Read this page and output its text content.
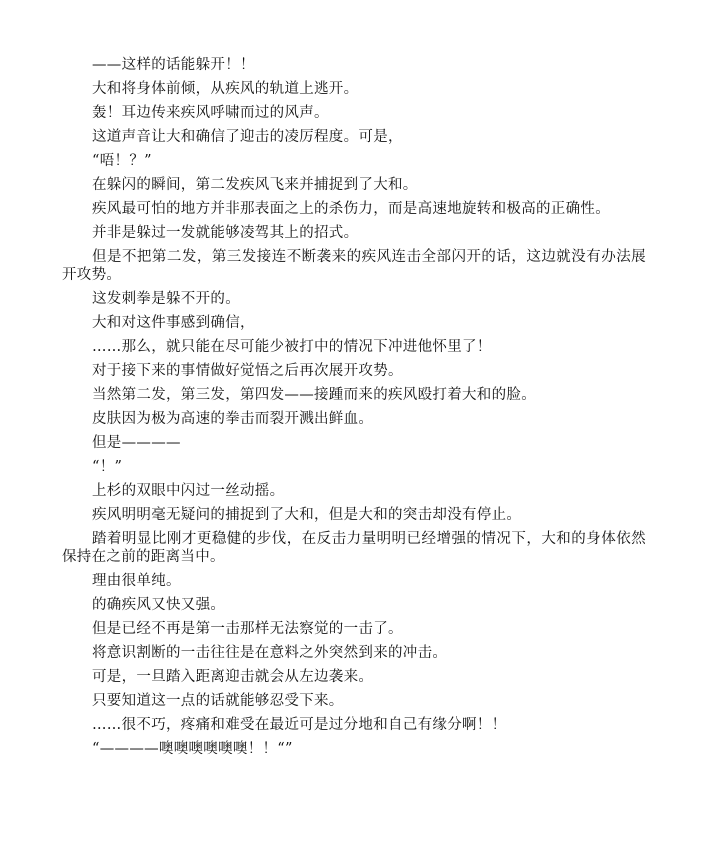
——这样的话能躲开！！

大和将身体前倾，从疾风的轨道上逃开。

轰！耳边传来疾风呼啸而过的风声。

这道声音让大和确信了迎击的凌厉程度。可是，

“唔！？”

在躲闪的瞬间，第二发疾风飞来并捕捉到了大和。

疾风最可怕的地方并非那表面之上的杀伤力，而是高速地旋转和极高的正确性。

并非是躲过一发就能够凌驾其上的招式。

但是不把第二发，第三发接连不断袭来的疾风连击全部闪开的话，这边就没有办法展开攻势。

这发刺拳是躲不开的。

大和对这件事感到确信，

……那么，就只能在尽可能少被打中的情况下冲进他怀里了！

对于接下来的事情做好觉悟之后再次展开攻势。

当然第二发，第三发，第四发——接踵而来的疾风殴打着大和的脸。

皮肤因为极为高速的拳击而裂开溅出鲜血。

但是————

“！”

上杉的双眼中闪过一丝动摇。

疾风明明毫无疑问的捕捉到了大和，但是大和的突击却没有停止。

踏着明显比刚才更稳健的步伐，在反击力量明明已经增强的情况下，大和的身体依然保持在之前的距离当中。

理由很单纯。

的确疾风又快又强。

但是已经不再是第一击那样无法察觉的一击了。

将意识割断的一击往往是在意料之外突然到来的冲击。

可是，一旦踏入距离迎击就会从左边袭来。

只要知道这一点的话就能够忍受下来。

……很不巧，疼痛和难受在最近可是过分地和自己有缘分啊！！

“————噢噢噢噢噢噢！！“”
